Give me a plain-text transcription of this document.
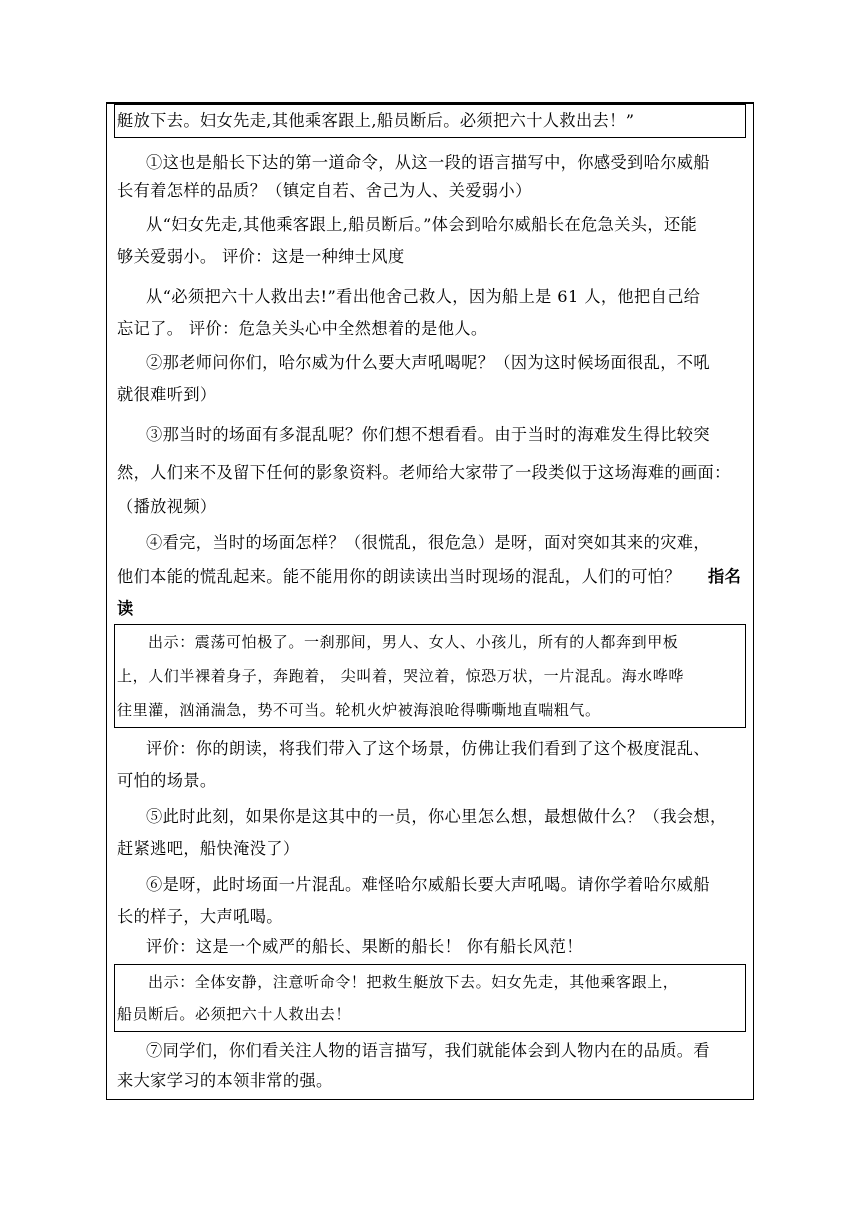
艇放下去。妇女先走,其他乘客跟上,船员断后。必须把六十人救出去！”
①这也是船长下达的第一道命令，从这一段的语言描写中，你感受到哈尔威船
长有着怎样的品质？（镇定自若、舍己为人、关爱弱小）
从“妇女先走,其他乘客跟上,船员断后。”体会到哈尔威船长在危急关头，还能
够关爱弱小。 评价：这是一种绅士风度
从“必须把六十人救出去!”看出他舍己救人，因为船上是 61 人，他把自己给
忘记了。 评价：危急关头心中全然想着的是他人。
②那老师问你们，哈尔威为什么要大声吼喝呢？（因为这时候场面很乱，不吼
就很难听到）
③那当时的场面有多混乱呢？你们想不想看看。由于当时的海难发生得比较突
然，人们来不及留下任何的影象资料。老师给大家带了一段类似于这场海难的画面：
（播放视频）
④看完，当时的场面怎样？（很慌乱，很危急）是呀，面对突如其来的灾难，
他们本能的慌乱起来。能不能用你的朗读读出当时现场的混乱，人们的可怕？ 指名
读
出示：震荡可怕极了。一刹那间，男人、女人、小孩儿，所有的人都奔到甲板
上，人们半裸着身子，奔跑着， 尖叫着，哭泣着，惊恐万状，一片混乱。海水哗哗
往里灌，汹涌湍急，势不可当。轮机火炉被海浪呛得嘶嘶地直喘粗气。
评价：你的朗读，将我们带入了这个场景，仿佛让我们看到了这个极度混乱、
可怕的场景。
⑤此时此刻，如果你是这其中的一员，你心里怎么想，最想做什么？（我会想，
赶紧逃吧，船快淹没了）
⑥是呀，此时场面一片混乱。难怪哈尔威船长要大声吼喝。请你学着哈尔威船
长的样子，大声吼喝。
评价：这是一个威严的船长、果断的船长！ 你有船长风范！
出示：全体安静，注意听命令！把救生艇放下去。妇女先走，其他乘客跟上，
船员断后。必须把六十人救出去！
⑦同学们，你们看关注人物的语言描写，我们就能体会到人物内在的品质。看
来大家学习的本领非常的强。
